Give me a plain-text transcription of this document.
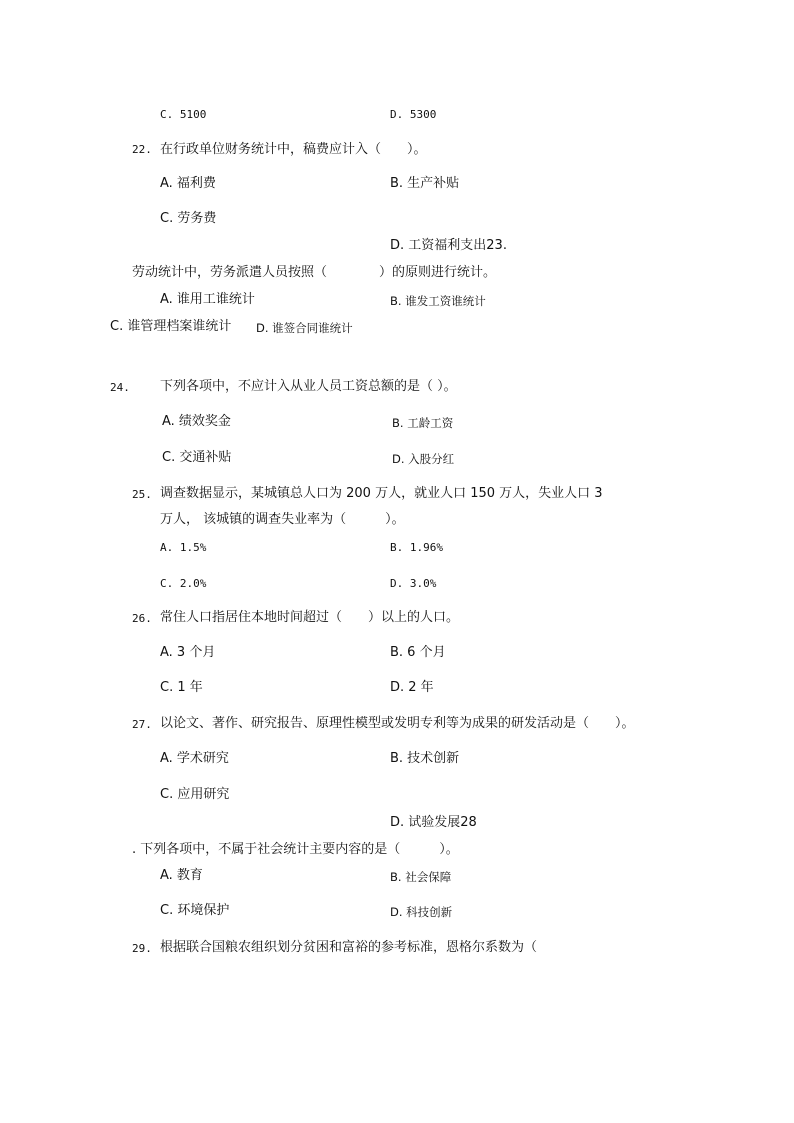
C. 5100	D. 5300
22. 在行政单位财务统计中，稿费应计入（　　）。
A. 福利费	B. 生产补贴
C. 劳务费
D. 工资福利支出23.
劳动统计中，劳务派遣人员按照（　　　　）的原则进行统计。
A. 谁用工谁统计	B. 谁发工资谁统计
C. 谁管理档案谁统计 D. 谁签合同谁统计
24. 下列各项中，不应计入从业人员工资总额的是（ ）。
A. 绩效奖金	B. 工龄工资
C. 交通补贴	D. 入股分红
25. 调查数据显示，某城镇总人口为 200 万人，就业人口 150 万人，失业人口 3
万人， 该城镇的调查失业率为（　　　）。
A. 1.5%	B. 1.96%
C. 2.0%	D. 3.0%
26. 常住人口指居住本地时间超过（　　）以上的人口。
A. 3 个月	B. 6 个月
C. 1 年	D. 2 年
27. 以论文、著作、研究报告、原理性模型或发明专利等为成果的研发活动是（　　）。
A. 学术研究	B. 技术创新
C. 应用研究
D. 试验发展28
. 下列各项中，不属于社会统计主要内容的是（　　　）。
A. 教育	B. 社会保障
C. 环境保护	D. 科技创新
29. 根据联合国粮农组织划分贫困和富裕的参考标准，恩格尔系数为（
